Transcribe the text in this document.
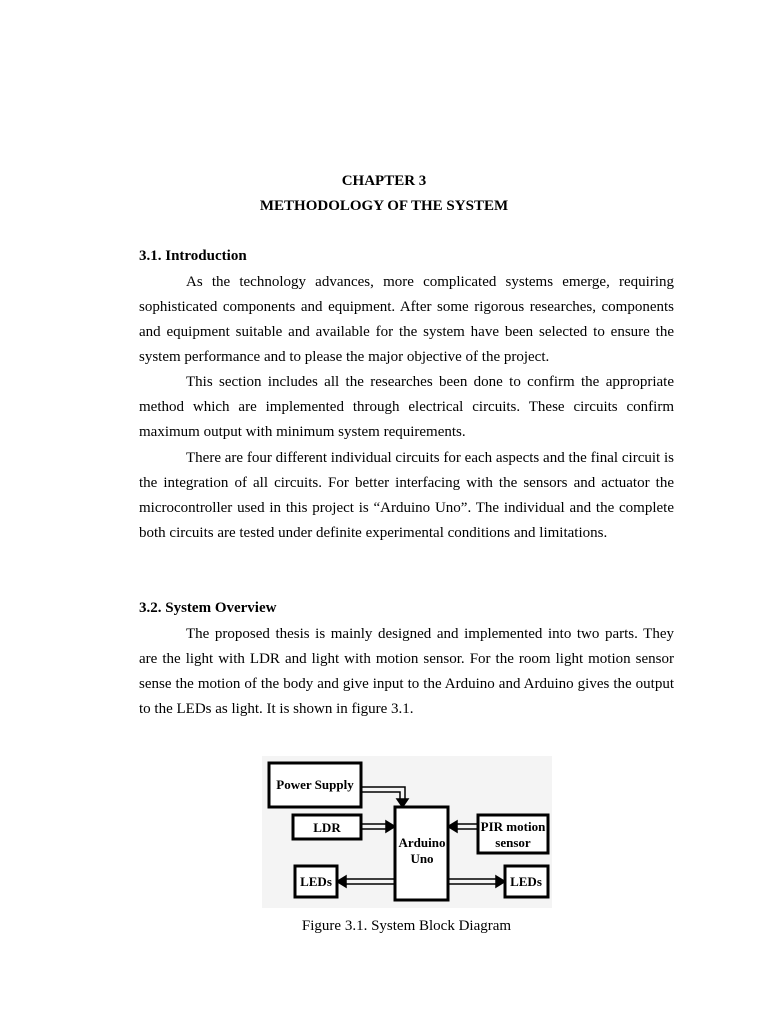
CHAPTER 3
METHODOLOGY OF THE SYSTEM
3.1. Introduction

As the technology advances, more complicated systems emerge, requiring sophisticated components and equipment. After some rigorous researches, components and equipment suitable and available for the system have been selected to ensure the system performance and to please the major objective of the project.

This section includes all the researches been done to confirm the appropriate method which are implemented through electrical circuits. These circuits confirm maximum output with minimum system requirements.

There are four different individual circuits for each aspects and the final circuit is the integration of all circuits. For better interfacing with the sensors and actuator the microcontroller used in this project is “Arduino Uno”. The individual and the complete both circuits are tested under definite experimental conditions and limitations.

3.2. System Overview

The proposed thesis is mainly designed and implemented into two parts. They are the light with LDR and light with motion sensor. For the room light motion sensor sense the motion of the body and give input to the Arduino and Arduino gives the output to the LEDs as light. It is shown in figure 3.1.

Power Supply
LDR
Arduino
Uno
PIR motion
sensor
LEDs	LEDs
Figure 3.1. System Block Diagram
